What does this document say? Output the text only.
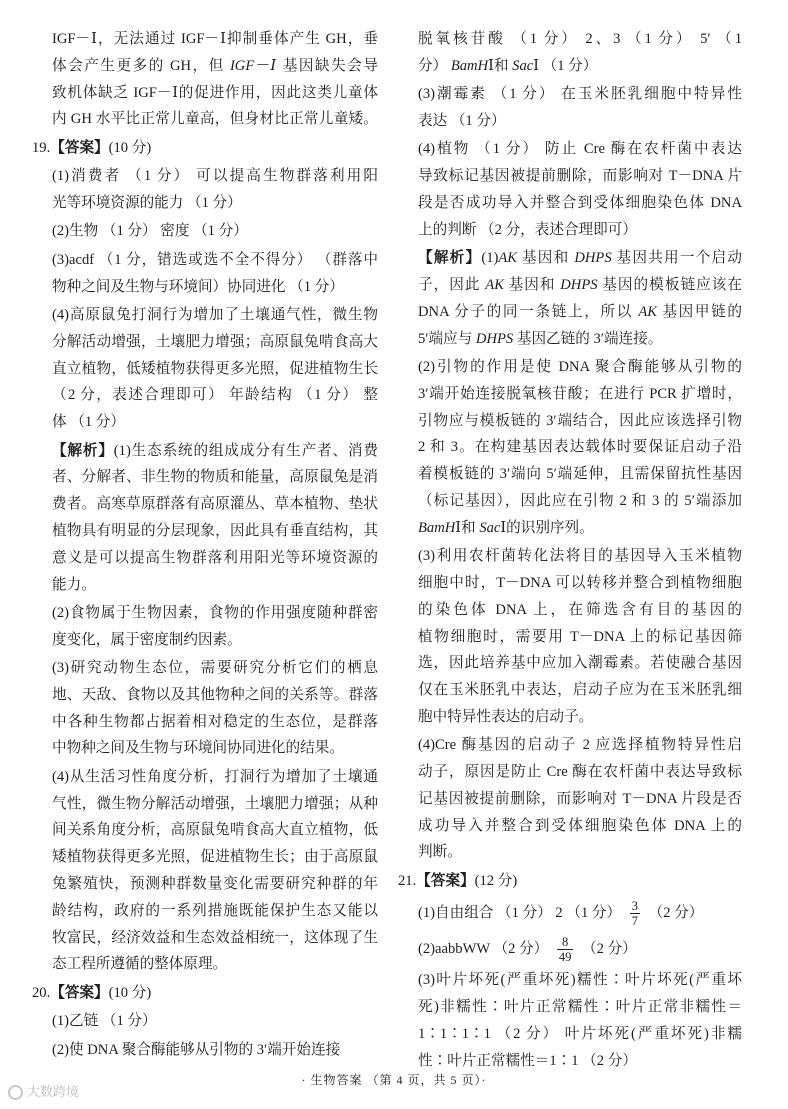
IGF－Ⅰ，无法通过 IGF－Ⅰ抑制垂体产生 GH，垂
体会产生更多的 GH，但 IGF－Ⅰ 基因缺失会导
致机体缺乏 IGF－Ⅰ的促进作用，因此这类儿童体
内 GH 水平比正常儿童高，但身材比正常儿童矮。
19.【答案】(10 分)
(1)消费者 （1 分） 可以提高生物群落利用阳
光等环境资源的能力 （1 分）
(2)生物 （1 分） 密度 （1 分）
(3)acdf （1 分，错选或选不全不得分） （群落中
物种之间及生物与环境间）协同进化 （1 分）
(4)高原鼠兔打洞行为增加了土壤通气性，微生物
分解活动增强，土壤肥力增强；高原鼠兔啃食高大
直立植物，低矮植物获得更多光照，促进植物生长
（2 分，表述合理即可） 年龄结构 （1 分） 整
体 （1 分）
【解析】(1)生态系统的组成成分有生产者、消费
者、分解者、非生物的物质和能量，高原鼠兔是消
费者。高寒草原群落有高原灌丛、草本植物、垫状
植物具有明显的分层现象，因此具有垂直结构，其
意义是可以提高生物群落利用阳光等环境资源的
能力。
(2)食物属于生物因素，食物的作用强度随种群密
度变化，属于密度制约因素。
(3)研究动物生态位，需要研究分析它们的栖息
地、天敌、食物以及其他物种之间的关系等。群落
中各种生物都占据着相对稳定的生态位，是群落
中物种之间及生物与环境间协同进化的结果。
(4)从生活习性角度分析，打洞行为增加了土壤通
气性，微生物分解活动增强，土壤肥力增强；从种
间关系角度分析，高原鼠兔啃食高大直立植物，低
矮植物获得更多光照，促进植物生长；由于高原鼠
兔繁殖快，预测种群数量变化需要研究种群的年
龄结构，政府的一系列措施既能保护生态又能以
牧富民，经济效益和生态效益相统一，这体现了生
态工程所遵循的整体原理。
20.【答案】(10 分)
(1)乙链 （1 分）
(2)使 DNA 聚合酶能够从引物的 3′端开始连接
脱氧核苷酸 （1 分） 2、3 （1 分） 5′ （1
分） BamHⅠ和 SacⅠ （1 分）
(3)潮霉素 （1 分） 在玉米胚乳细胞中特异性
表达 （1 分）
(4)植物 （1 分） 防止 Cre 酶在农杆菌中表达
导致标记基因被提前删除，而影响对 T－DNA 片
段是否成功导入并整合到受体细胞染色体 DNA
上的判断 （2 分，表述合理即可）
【解析】(1)AK 基因和 DHPS 基因共用一个启动
子，因此 AK 基因和 DHPS 基因的模板链应该在
DNA 分子的同一条链上，所以 AK 基因甲链的
5′端应与 DHPS 基因乙链的 3′端连接。
(2)引物的作用是使 DNA 聚合酶能够从引物的
3′端开始连接脱氧核苷酸；在进行 PCR 扩增时，
引物应与模板链的 3′端结合，因此应该选择引物
2 和 3。在构建基因表达载体时要保证启动子沿
着模板链的 3′端向 5′端延伸，且需保留抗性基因
（标记基因），因此应在引物 2 和 3 的 5′端添加
BamHⅠ和 SacⅠ的识别序列。
(3)利用农杆菌转化法将目的基因导入玉米植物
细胞中时，T－DNA 可以转移并整合到植物细胞
的染色体 DNA 上，在筛选含有目的基因的
植物细胞时，需要用 T－DNA 上的标记基因筛
选，因此培养基中应加入潮霉素。若使融合基因
仅在玉米胚乳中表达，启动子应为在玉米胚乳细
胞中特异性表达的启动子。
(4)Cre 酶基因的启动子 2 应选择植物特异性启
动子，原因是防止 Cre 酶在农杆菌中表达导致标
记基因被提前删除，而影响对 T－DNA 片段是否
成功导入并整合到受体细胞染色体 DNA 上的
判断。
21.【答案】(12 分)
(1)自由组合 （1 分） 2 （1 分） $\frac{3}{7} (2$ 分）
(2)aabbWW （2 分） $\frac{8}{49} (2$ 分）
(3)叶片坏死(严重坏死)糯性∶叶片坏死(严重坏
死)非糯性∶叶片正常糯性∶叶片正常非糯性＝
1∶1∶1∶1 （2 分） 叶片坏死(严重坏死)非糯
性∶叶片正常糯性＝1∶1 （2 分）
· 生物答案 （第 4 页，共 5 页）·
大数跨境
